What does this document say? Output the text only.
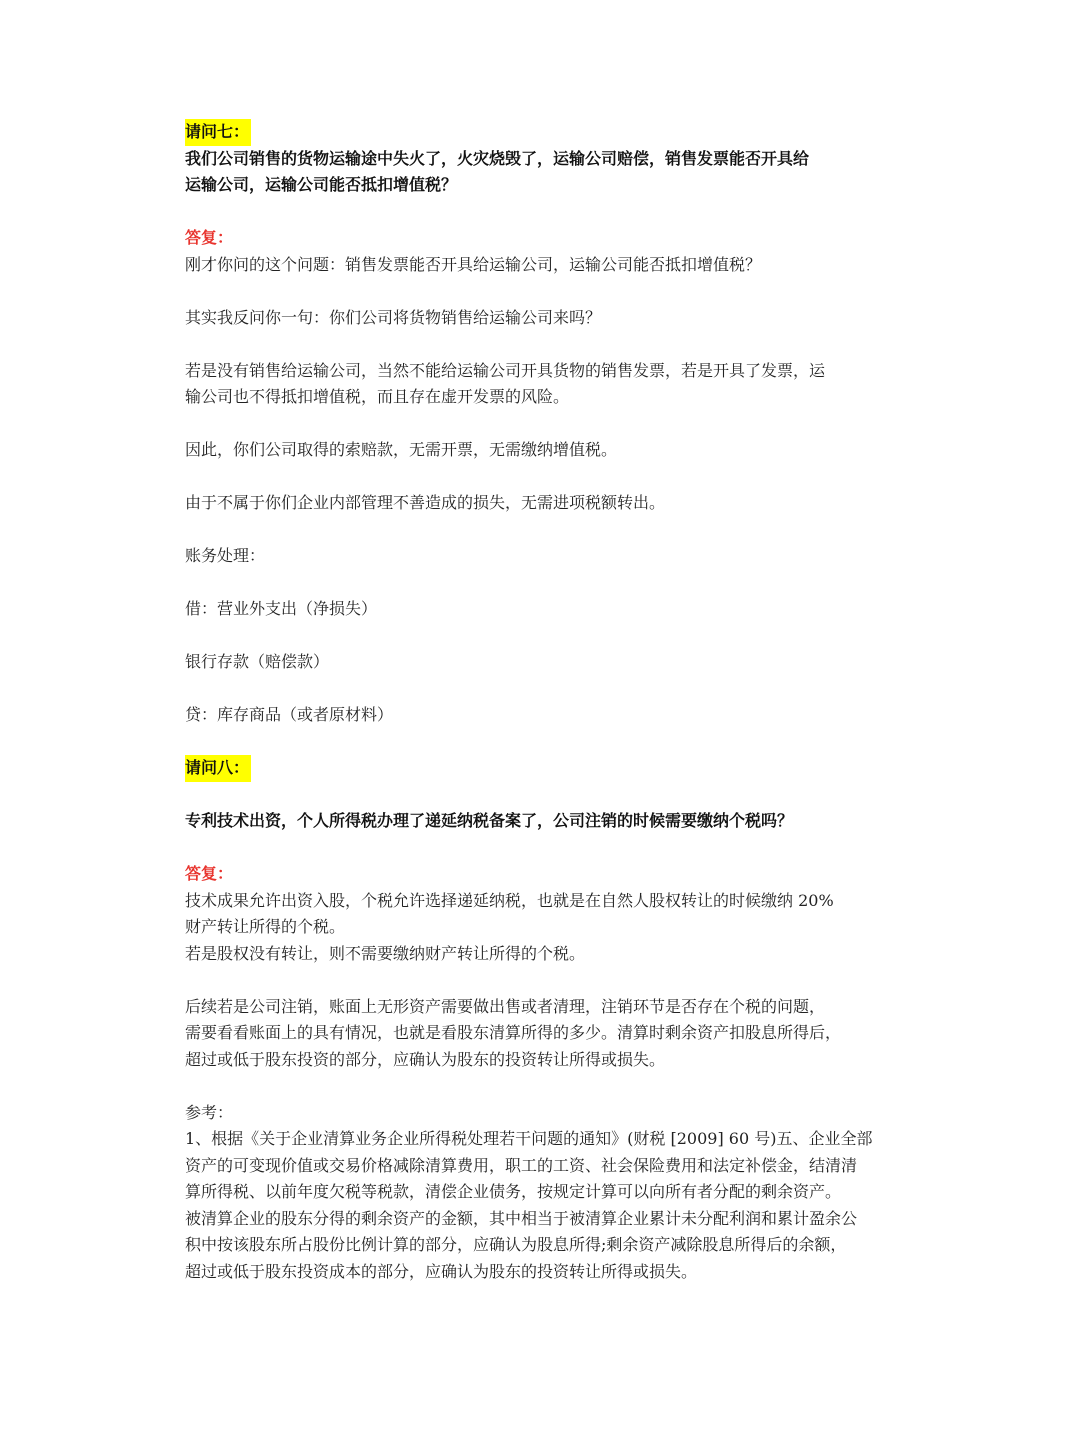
请问七：
我们公司销售的货物运输途中失火了，火灾烧毁了，运输公司赔偿，销售发票能否开具给
运输公司，运输公司能否抵扣增值税？
答复：
刚才你问的这个问题：销售发票能否开具给运输公司，运输公司能否抵扣增值税？
其实我反问你一句：你们公司将货物销售给运输公司来吗？
若是没有销售给运输公司，当然不能给运输公司开具货物的销售发票，若是开具了发票，运
输公司也不得抵扣增值税，而且存在虚开发票的风险。
因此，你们公司取得的索赔款，无需开票，无需缴纳增值税。
由于不属于你们企业内部管理不善造成的损失，无需进项税额转出。
账务处理：
借：营业外支出（净损失）
银行存款（赔偿款）
贷：库存商品（或者原材料）
请问八：
专利技术出资，个人所得税办理了递延纳税备案了，公司注销的时候需要缴纳个税吗？
答复：
技术成果允许出资入股，个税允许选择递延纳税，也就是在自然人股权转让的时候缴纳 20%
财产转让所得的个税。
若是股权没有转让，则不需要缴纳财产转让所得的个税。
后续若是公司注销，账面上无形资产需要做出售或者清理，注销环节是否存在个税的问题，
需要看看账面上的具有情况，也就是看股东清算所得的多少。清算时剩余资产扣股息所得后，
超过或低于股东投资的部分，应确认为股东的投资转让所得或损失。
参考：
1、根据《关于企业清算业务企业所得税处理若干问题的通知》(财税 [2009] 60 号)五、企业全部
资产的可变现价值或交易价格减除清算费用，职工的工资、社会保险费用和法定补偿金，结清清
算所得税、以前年度欠税等税款，清偿企业债务，按规定计算可以向所有者分配的剩余资产。
被清算企业的股东分得的剩余资产的金额，其中相当于被清算企业累计未分配利润和累计盈余公
积中按该股东所占股份比例计算的部分，应确认为股息所得;剩余资产减除股息所得后的余额，
超过或低于股东投资成本的部分，应确认为股东的投资转让所得或损失。
